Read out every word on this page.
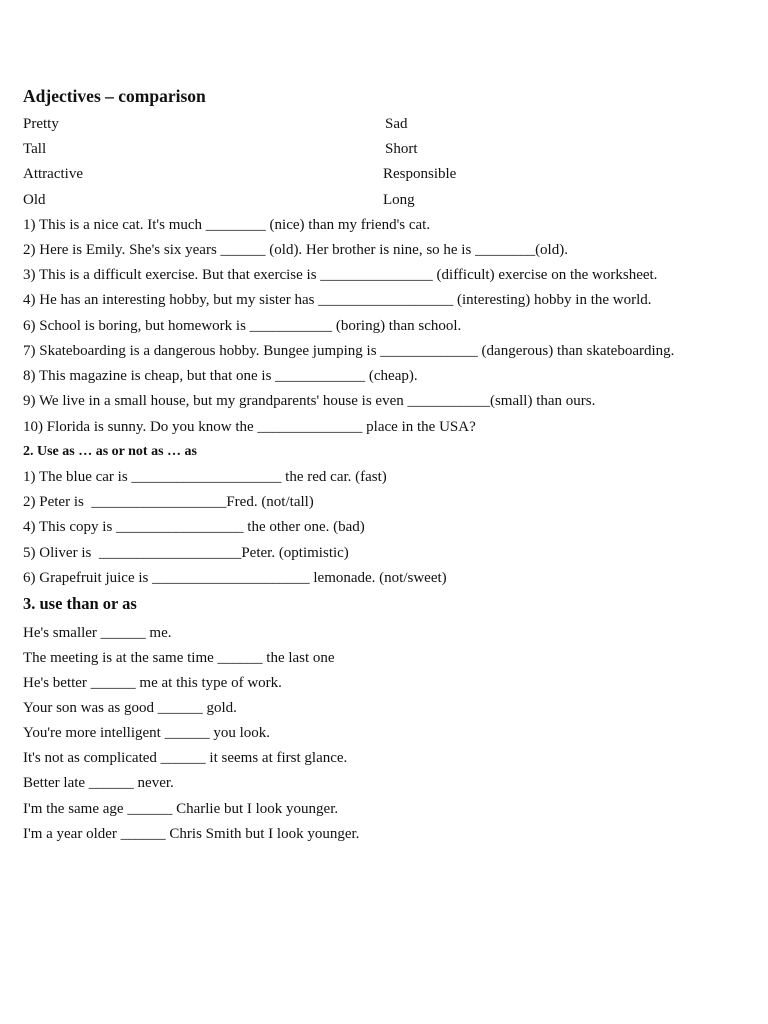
Adjectives – comparison
Pretty
Tall
Attractive
Old
Sad
Short
Responsible
Long
1) This is a nice cat. It's much ________ (nice) than my friend's cat.
2) Here is Emily. She's six years ______ (old). Her brother is nine, so he is ________(old).
3) This is a difficult exercise. But that exercise is _______________ (difficult) exercise on the worksheet.
4) He has an interesting hobby, but my sister has __________________ (interesting) hobby in the world.
6) School is boring, but homework is ___________ (boring) than school.
7) Skateboarding is a dangerous hobby. Bungee jumping is _____________ (dangerous) than skateboarding.
8) This magazine is cheap, but that one is ____________ (cheap).
9) We live in a small house, but my grandparents' house is even ___________(small) than ours.
10) Florida is sunny. Do you know the ______________ place in the USA?
2. Use as … as or not as … as
1) The blue car is ____________________ the red car. (fast)
2) Peter is  __________________Fred. (not/tall)
4) This copy is _________________ the other one. (bad)
5) Oliver is  ___________________Peter. (optimistic)
6) Grapefruit juice is _____________________ lemonade. (not/sweet)
3. use than or as
He's smaller ______ me.
The meeting is at the same time ______ the last one
He's better ______ me at this type of work.
Your son was as good ______ gold.
You're more intelligent ______ you look.
It's not as complicated ______ it seems at first glance.
Better late ______ never.
I'm the same age ______ Charlie but I look younger.
I'm a year older ______ Chris Smith but I look younger.
